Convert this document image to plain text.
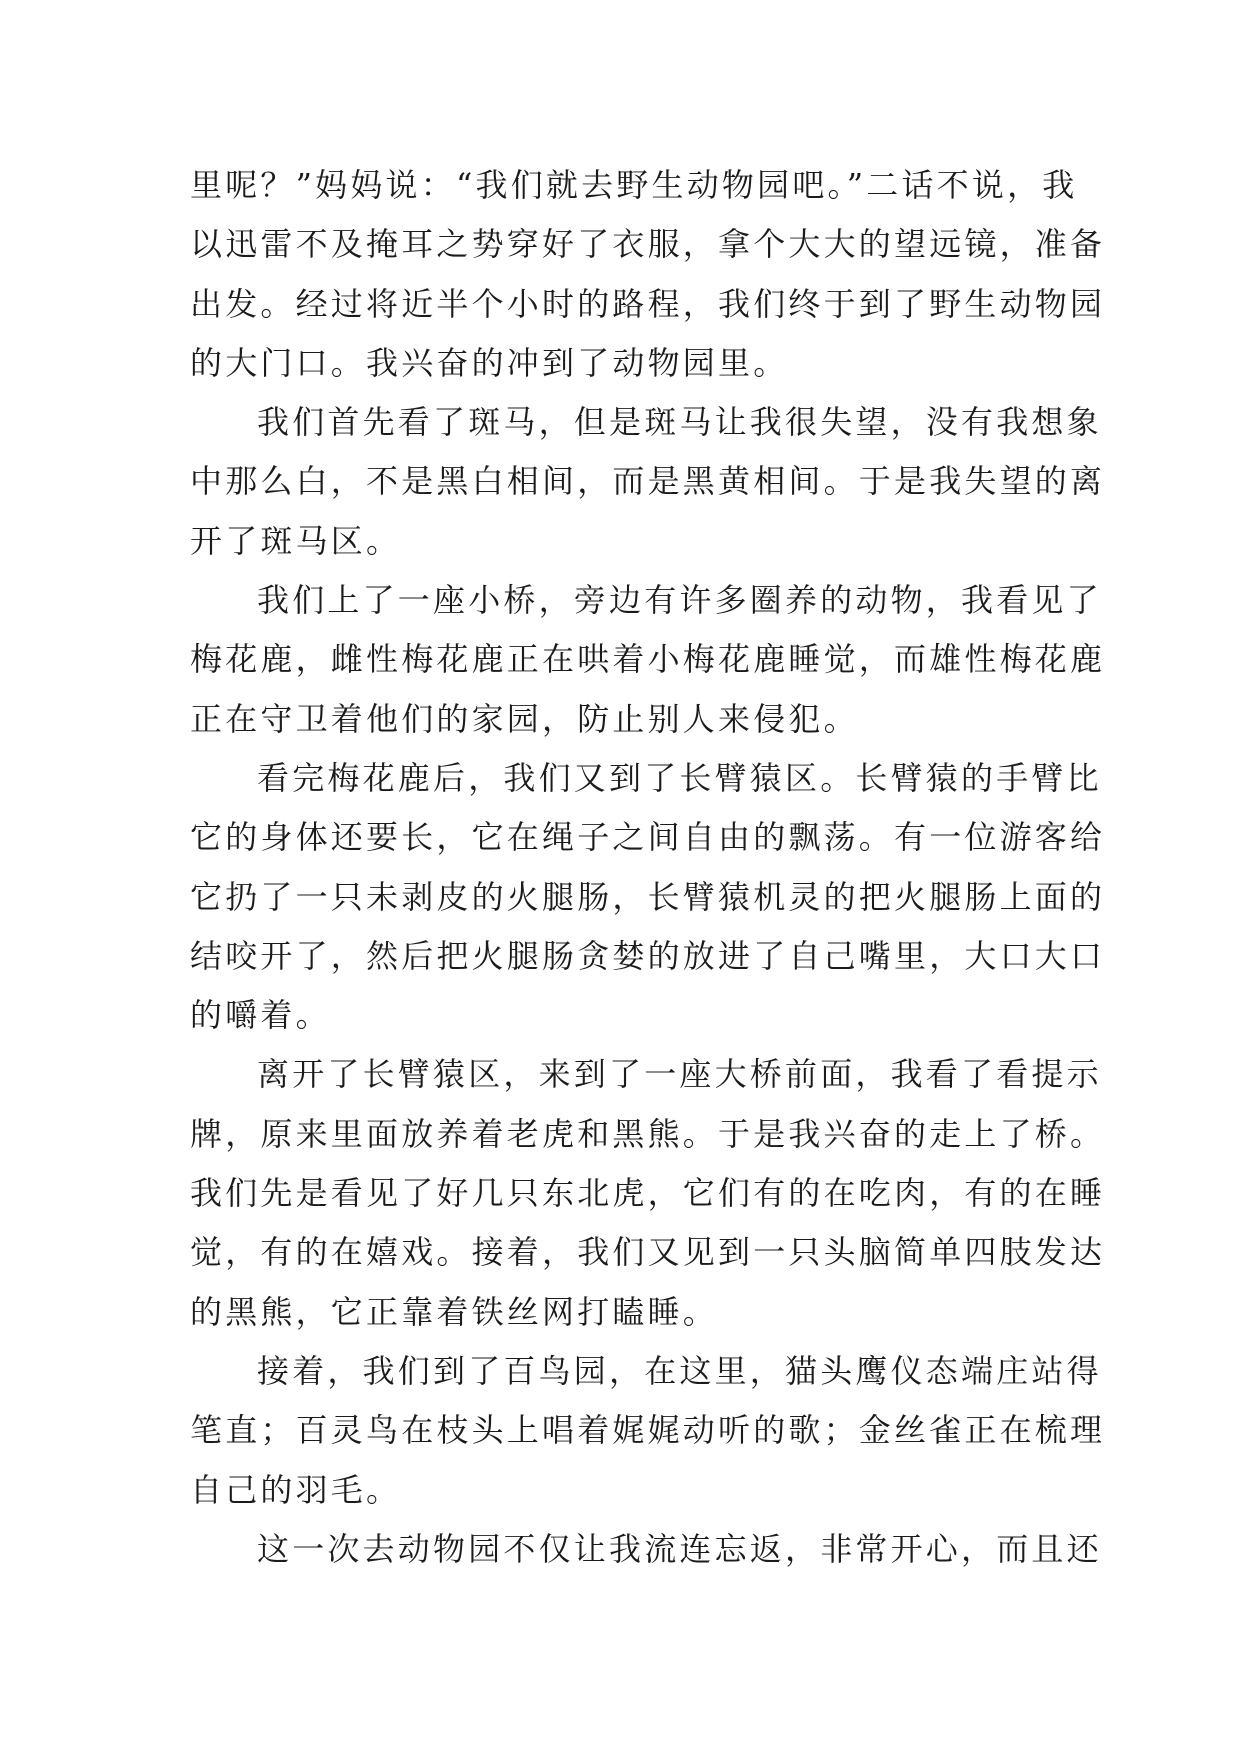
里呢？”妈妈说：“我们就去野生动物园吧。”二话不说，我
以迅雷不及掩耳之势穿好了衣服，拿个大大的望远镜，准备
出发。经过将近半个小时的路程，我们终于到了野生动物园
的大门口。我兴奋的冲到了动物园里。
我们首先看了斑马，但是斑马让我很失望，没有我想象
中那么白，不是黑白相间，而是黑黄相间。于是我失望的离
开了斑马区。
我们上了一座小桥，旁边有许多圈养的动物，我看见了
梅花鹿，雌性梅花鹿正在哄着小梅花鹿睡觉，而雄性梅花鹿
正在守卫着他们的家园，防止别人来侵犯。
看完梅花鹿后，我们又到了长臂猿区。长臂猿的手臂比
它的身体还要长，它在绳子之间自由的飘荡。有一位游客给
它扔了一只未剥皮的火腿肠，长臂猿机灵的把火腿肠上面的
结咬开了，然后把火腿肠贪婪的放进了自己嘴里，大口大口
的嚼着。
离开了长臂猿区，来到了一座大桥前面，我看了看提示
牌，原来里面放养着老虎和黑熊。于是我兴奋的走上了桥。
我们先是看见了好几只东北虎，它们有的在吃肉，有的在睡
觉，有的在嬉戏。接着，我们又见到一只头脑简单四肢发达
的黑熊，它正靠着铁丝网打瞌睡。
接着，我们到了百鸟园，在这里，猫头鹰仪态端庄站得
笔直；百灵鸟在枝头上唱着娓娓动听的歌；金丝雀正在梳理
自己的羽毛。
这一次去动物园不仅让我流连忘返，非常开心，而且还
